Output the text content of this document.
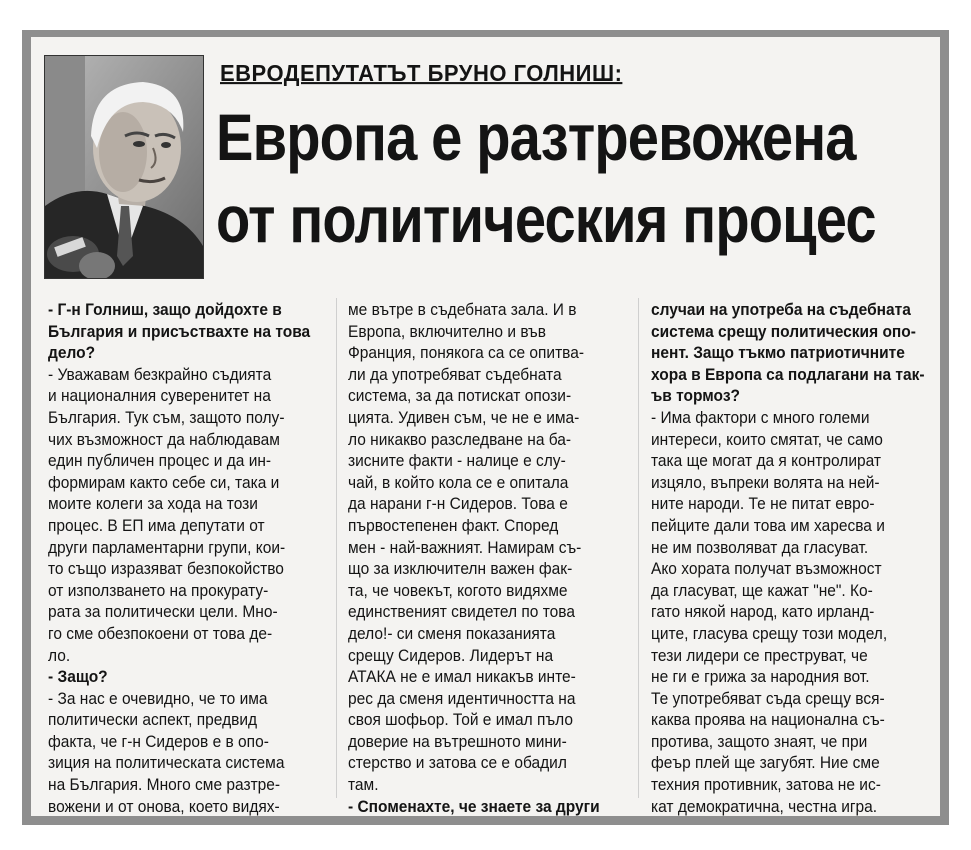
ЕВРОДЕПУТАТЪТ БРУНО ГОЛНИШ:
Европа е разтревожена
от политическия процес
- Г-н Голниш, защо дойдохте в
България и присъствахте на това
дело?
- Уважавам безкрайно съдията
и националния суверенитет на
България. Тук съм, защото полу-
чих възможност да наблюдавам
един публичен процес и да ин-
формирам както себе си, така и
моите колеги за хода на този
процес. В ЕП има депутати от
други парламентарни групи, кои-
то също изразяват безпокойство
от използването на прокурату-
рата за политически цели. Мно-
го сме обезпокоени от това де-
ло.
- Защо?
- За нас е очевидно, че то има
политически аспект, предвид
факта, че г-н Сидеров е в опо-
зиция на политическата система
на България. Много сме разтре-
вожени и от онова, което видях-
ме вътре в съдебната зала. И в
Европа, включително и във
Франция, понякога са се опитва-
ли да употребяват съдебната
система, за да потискат опози-
цията. Удивен съм, че не е има-
ло никакво разследване на ба-
зисните факти - налице е слу-
чай, в който кола се е опитала
да нарани г-н Сидеров. Това е
първостепенен факт. Според
мен - най-важният. Намирам съ-
що за изключителн важен фак-
та, че човекът, когото видяхме
единственият свидетел по това
дело!- си сменя показанията
срещу Сидеров. Лидерът на
АТАКА не е имал никакъв инте-
рес да сменя идентичността на
своя шофьор. Той е имал пъло
доверие на вътрешното мини-
стерство и затова се е обадил
там.
- Споменахте, че знаете за други
случаи на употреба на съдебната
система срещу политическия опо-
нент. Защо тъкмо патриотичните
хора в Европа са подлагани на так-
ъв тормоз?
- Има фактори с много големи
интереси, които смятат, че само
така ще могат да я контролират
изцяло, въпреки волята на ней-
ните народи. Те не питат евро-
пейците дали това им харесва и
не им позволяват да гласуват.
Ако хората получат възможност
да гласуват, ще кажат "не". Ко-
гато някой народ, като ирланд-
ците, гласува срещу този модел,
тези лидери се преструват, че
не ги е грижа за народния вот.
Те употребяват съда срещу вся-
каква проява на национална съ-
протива, защото знаят, че при
феър плей ще загубят. Ние сме
техния противник, затова не ис-
кат демократична, честна игра.
